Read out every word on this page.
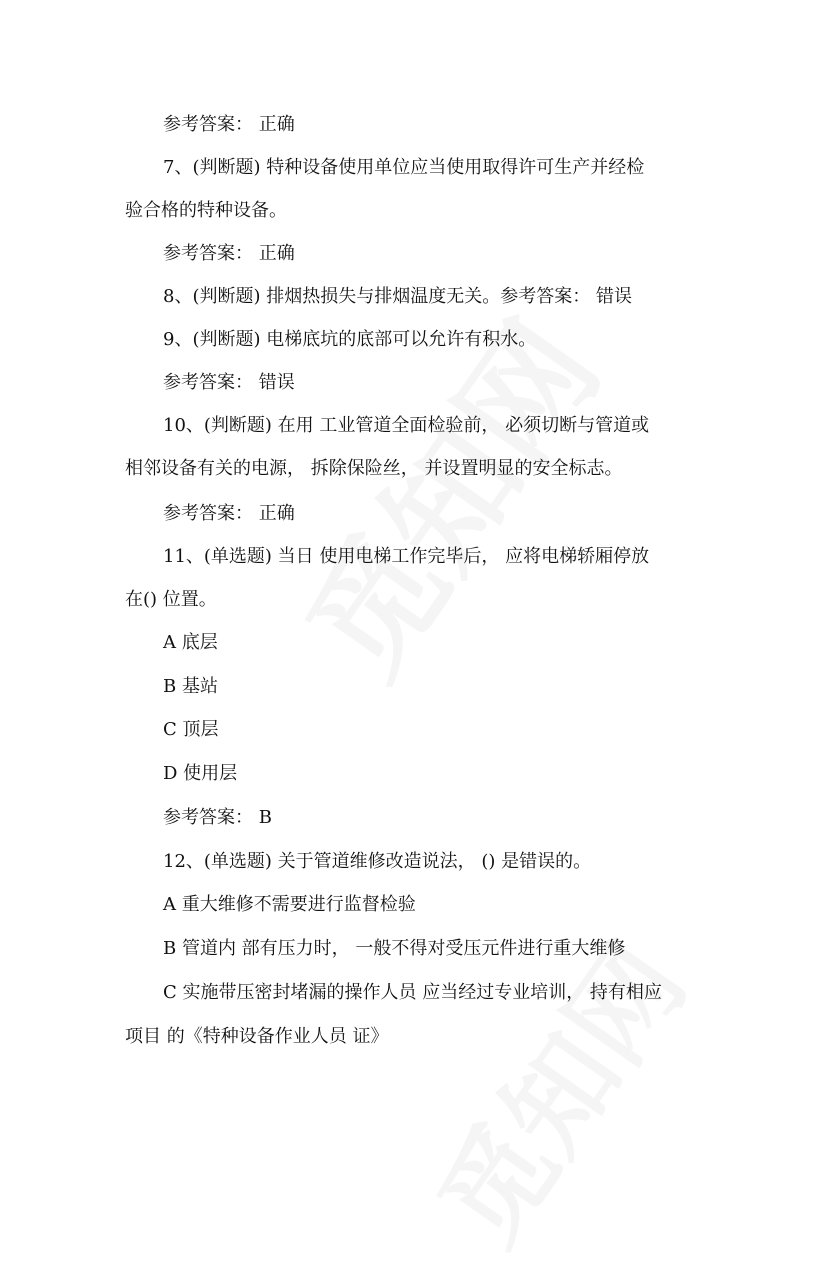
参考答案： 正确
7、(判断题) 特种设备使用单位应当使用取得许可生产并经检
验合格的特种设备。
参考答案： 正确
8、(判断题) 排烟热损失与排烟温度无关。参考答案： 错误
9、(判断题) 电梯底坑的底部可以允许有积水。
参考答案： 错误
10、(判断题) 在用 工业管道全面检验前， 必须切断与管道或
相邻设备有关的电源， 拆除保险丝， 并设置明显的安全标志。
参考答案： 正确
11、(单选题) 当日 使用电梯工作完毕后， 应将电梯轿厢停放
在() 位置。
A 底层
B 基站
C 顶层
D 使用层
参考答案： B
12、(单选题) 关于管道维修改造说法， () 是错误的。
A 重大维修不需要进行监督检验
B 管道内 部有压力时， 一般不得对受压元件进行重大维修
C 实施带压密封堵漏的操作人员 应当经过专业培训， 持有相应
项目 的《特种设备作业人员 证》
